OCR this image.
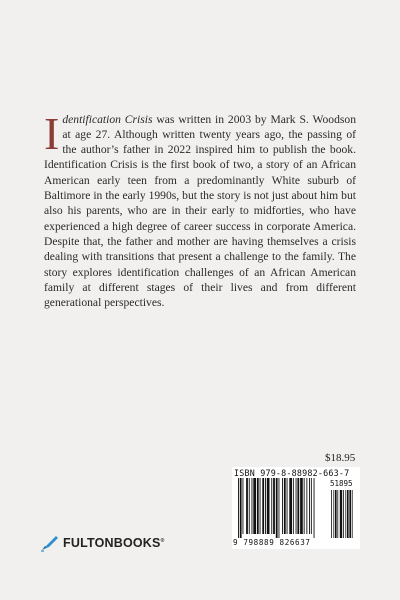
Identification Crisis was written in 2003 by Mark S. Woodson at age 27. Although written twenty years ago, the passing of the author’s father in 2022 inspired him to publish the book. Identification Crisis is the first book of two, a story of an African American early teen from a predominantly White suburb of Baltimore in the early 1990s, but the story is not just about him but also his parents, who are in their early to midforties, who have experienced a high degree of career success in corporate America. Despite that, the father and mother are having themselves a crisis dealing with transitions that present a challenge to the family. The story explores identification challenges of an African American family at different stages of their lives and from different generational perspectives.

$18.95
ISBN 979-8-88982-663-7
51895
9 798889 826637
FULTONBOOKS®
